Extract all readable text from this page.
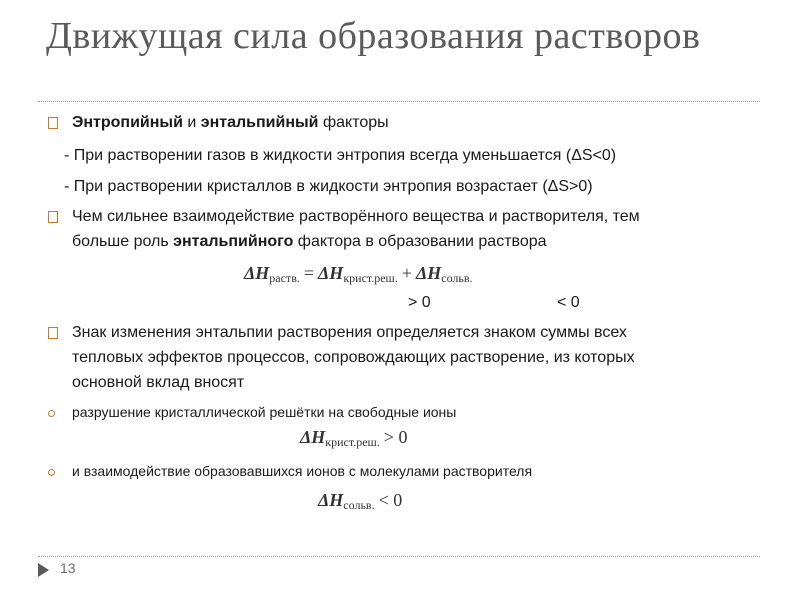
Движущая сила образования растворов
Энтропийный и энтальпийный факторы
- При растворении газов в жидкости энтропия всегда уменьшается (ΔS<0)
- При растворении кристаллов в жидкости энтропия возрастает (ΔS>0)
Чем сильнее взаимодействие растворённого вещества и растворителя, тем
больше роль энтальпийного фактора в образовании раствора
$\Delta H_{раств.} = \Delta H_{крист.реш.} + \Delta H_{сольв.}$
> 0	< 0
Знак изменения энтальпии растворения определяется знаком суммы всех
тепловых эффектов процессов, сопровождающих растворение, из которых
основной вклад вносят
разрушение кристаллической решётки на свободные ионы
$\Delta H_{крист.реш.} > 0$
и взаимодействие образовавшихся ионов с молекулами растворителя
$\Delta H_{сольв.} < 0$
13
